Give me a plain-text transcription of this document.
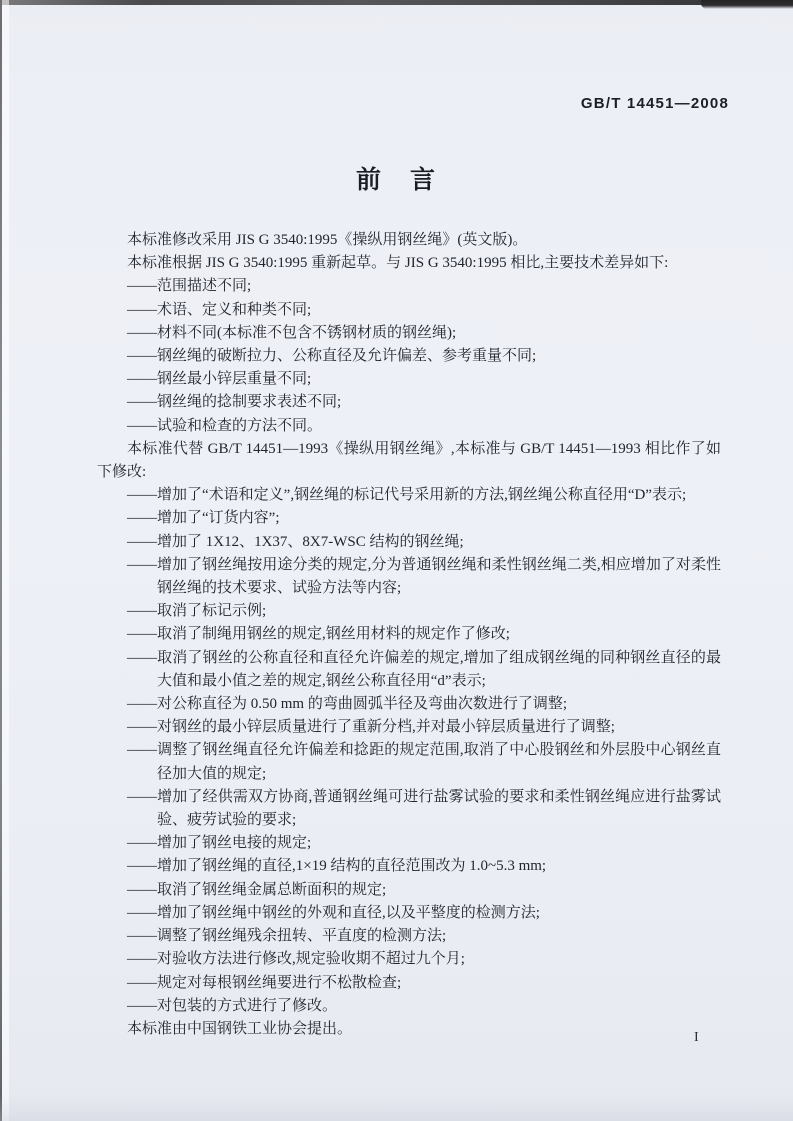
GB/T 14451—2008
前　言
本标准修改采用 JIS G 3540:1995《操纵用钢丝绳》(英文版)。
本标准根据 JIS G 3540:1995 重新起草。与 JIS G 3540:1995 相比,主要技术差异如下:
——范围描述不同;
——术语、定义和种类不同;
——材料不同(本标准不包含不锈钢材质的钢丝绳);
——钢丝绳的破断拉力、公称直径及允许偏差、参考重量不同;
——钢丝最小锌层重量不同;
——钢丝绳的捻制要求表述不同;
——试验和检查的方法不同。
本标准代替 GB/T 14451—1993《操纵用钢丝绳》,本标准与 GB/T 14451—1993 相比作了如下修改:
——增加了“术语和定义”,钢丝绳的标记代号采用新的方法,钢丝绳公称直径用“D”表示;
——增加了“订货内容”;
——增加了 1X12、1X37、8X7-WSC 结构的钢丝绳;
——增加了钢丝绳按用途分类的规定,分为普通钢丝绳和柔性钢丝绳二类,相应增加了对柔性钢丝绳的技术要求、试验方法等内容;
——取消了标记示例;
——取消了制绳用钢丝的规定,钢丝用材料的规定作了修改;
——取消了钢丝的公称直径和直径允许偏差的规定,增加了组成钢丝绳的同种钢丝直径的最大值和最小值之差的规定,钢丝公称直径用“d”表示;
——对公称直径为 0.50 mm 的弯曲圆弧半径及弯曲次数进行了调整;
——对钢丝的最小锌层质量进行了重新分档,并对最小锌层质量进行了调整;
——调整了钢丝绳直径允许偏差和捻距的规定范围,取消了中心股钢丝和外层股中心钢丝直径加大值的规定;
——增加了经供需双方协商,普通钢丝绳可进行盐雾试验的要求和柔性钢丝绳应进行盐雾试验、疲劳试验的要求;
——增加了钢丝电接的规定;
——增加了钢丝绳的直径,1×19 结构的直径范围改为 1.0~5.3 mm;
——取消了钢丝绳金属总断面积的规定;
——增加了钢丝绳中钢丝的外观和直径,以及平整度的检测方法;
——调整了钢丝绳残余扭转、平直度的检测方法;
——对验收方法进行修改,规定验收期不超过九个月;
——规定对每根钢丝绳要进行不松散检查;
——对包装的方式进行了修改。
本标准由中国钢铁工业协会提出。
I
